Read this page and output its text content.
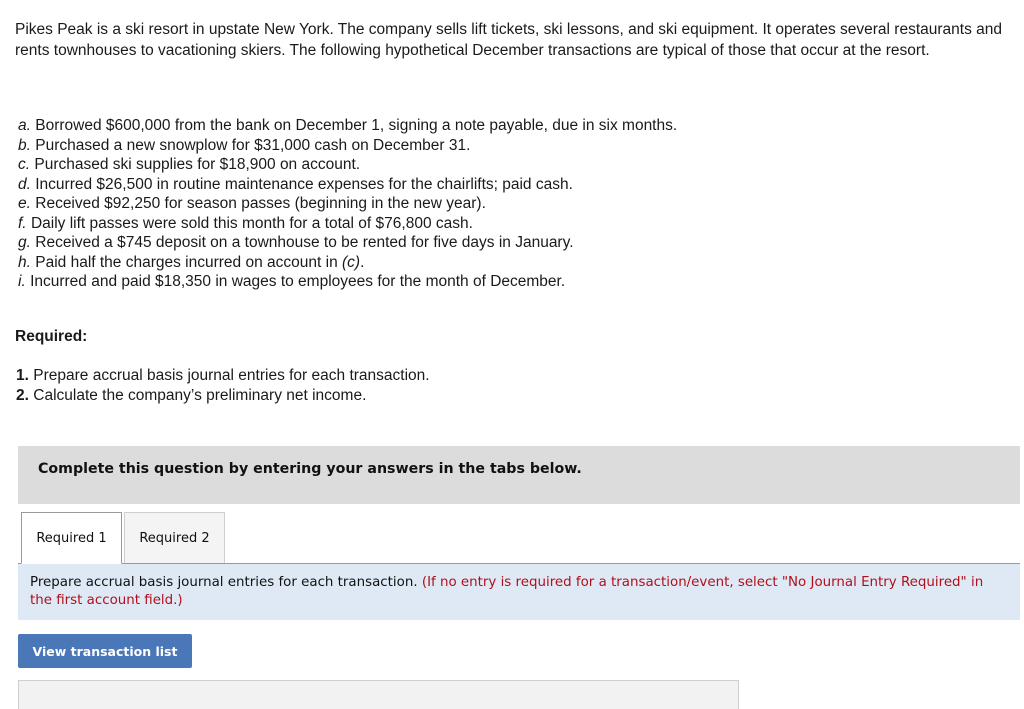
Pikes Peak is a ski resort in upstate New York. The company sells lift tickets, ski lessons, and ski equipment. It operates several restaurants and rents townhouses to vacationing skiers. The following hypothetical December transactions are typical of those that occur at the resort.
a. Borrowed $600,000 from the bank on December 1, signing a note payable, due in six months.
b. Purchased a new snowplow for $31,000 cash on December 31.
c. Purchased ski supplies for $18,900 on account.
d. Incurred $26,500 in routine maintenance expenses for the chairlifts; paid cash.
e. Received $92,250 for season passes (beginning in the new year).
f. Daily lift passes were sold this month for a total of $76,800 cash.
g. Received a $745 deposit on a townhouse to be rented for five days in January.
h. Paid half the charges incurred on account in (c).
i. Incurred and paid $18,350 in wages to employees for the month of December.
Required:
1. Prepare accrual basis journal entries for each transaction.
2. Calculate the company’s preliminary net income.
Complete this question by entering your answers in the tabs below.
Required 1	Required 2
Prepare accrual basis journal entries for each transaction. (If no entry is required for a transaction/event, select "No Journal Entry Required" in the first account field.)
View transaction list
